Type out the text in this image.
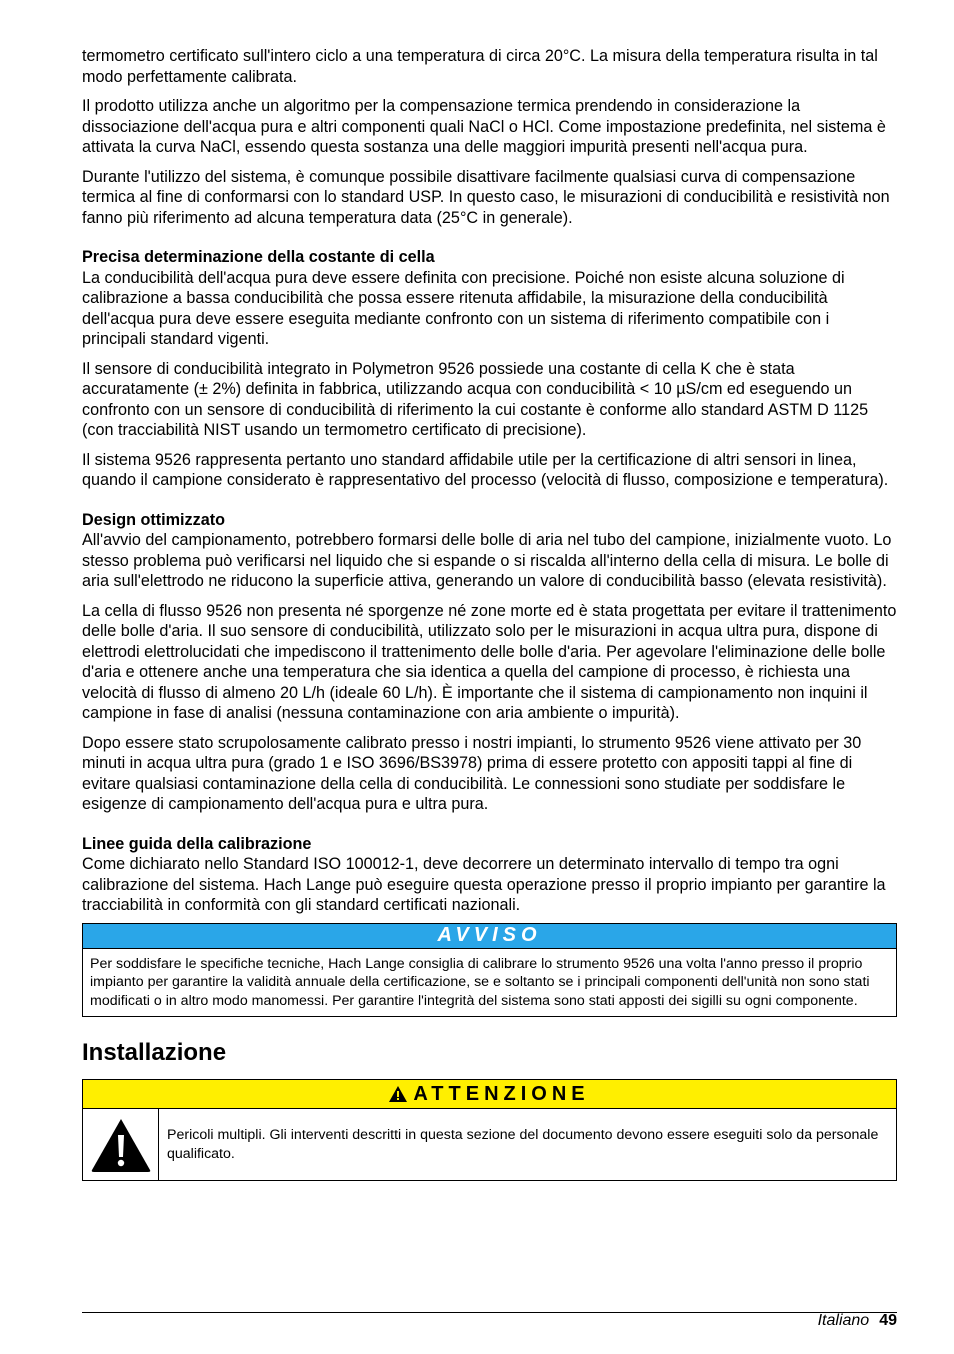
termometro certificato sull'intero ciclo a una temperatura di circa 20°C. La misura della temperatura risulta in tal modo perfettamente calibrata.

Il prodotto utilizza anche un algoritmo per la compensazione termica prendendo in considerazione la dissociazione dell'acqua pura e altri componenti quali NaCl o HCl. Come impostazione predefinita, nel sistema è attivata la curva NaCl, essendo questa sostanza una delle maggiori impurità presenti nell'acqua pura.

Durante l'utilizzo del sistema, è comunque possibile disattivare facilmente qualsiasi curva di compensazione termica al fine di conformarsi con lo standard USP. In questo caso, le misurazioni di conducibilità e resistività non fanno più riferimento ad alcuna temperatura data (25°C in generale).

Precisa determinazione della costante di cella

La conducibilità dell'acqua pura deve essere definita con precisione. Poiché non esiste alcuna soluzione di calibrazione a bassa conducibilità che possa essere ritenuta affidabile, la misurazione della conducibilità dell'acqua pura deve essere eseguita mediante confronto con un sistema di riferimento compatibile con i principali standard vigenti.

Il sensore di conducibilità integrato in Polymetron 9526 possiede una costante di cella K che è stata accuratamente (± 2%) definita in fabbrica, utilizzando acqua con conducibilità < 10 µS/cm ed eseguendo un confronto con un sensore di conducibilità di riferimento la cui costante è conforme allo standard ASTM D 1125 (con tracciabilità NIST usando un termometro certificato di precisione).

Il sistema 9526 rappresenta pertanto uno standard affidabile utile per la certificazione di altri sensori in linea, quando il campione considerato è rappresentativo del processo (velocità di flusso, composizione e temperatura).

Design ottimizzato

All'avvio del campionamento, potrebbero formarsi delle bolle di aria nel tubo del campione, inizialmente vuoto. Lo stesso problema può verificarsi nel liquido che si espande o si riscalda all'interno della cella di misura. Le bolle di aria sull'elettrodo ne riducono la superficie attiva, generando un valore di conducibilità basso (elevata resistività).

La cella di flusso 9526 non presenta né sporgenze né zone morte ed è stata progettata per evitare il trattenimento delle bolle d'aria. Il suo sensore di conducibilità, utilizzato solo per le misurazioni in acqua ultra pura, dispone di elettrodi elettrolucidati che impediscono il trattenimento delle bolle d'aria. Per agevolare l'eliminazione delle bolle d'aria e ottenere anche una temperatura che sia identica a quella del campione di processo, è richiesta una velocità di flusso di almeno 20 L/h (ideale 60 L/h). È importante che il sistema di campionamento non inquini il campione in fase di analisi (nessuna contaminazione con aria ambiente o impurità).

Dopo essere stato scrupolosamente calibrato presso i nostri impianti, lo strumento 9526 viene attivato per 30 minuti in acqua ultra pura (grado 1 e ISO 3696/BS3978) prima di essere protetto con appositi tappi al fine di evitare qualsiasi contaminazione della cella di conducibilità. Le connessioni sono studiate per soddisfare le esigenze di campionamento dell'acqua pura e ultra pura.

Linee guida della calibrazione

Come dichiarato nello Standard ISO 100012-1, deve decorrere un determinato intervallo di tempo tra ogni calibrazione del sistema. Hach Lange può eseguire questa operazione presso il proprio impianto per garantire la tracciabilità in conformità con gli standard certificati nazionali.

AVVISO
Per soddisfare le specifiche tecniche, Hach Lange consiglia di calibrare lo strumento 9526 una volta l'anno presso il proprio impianto per garantire la validità annuale della certificazione, se e soltanto se i principali componenti dell'unità non sono stati modificati o in altro modo manomessi. Per garantire l'integrità del sistema sono stati apposti dei sigilli su ogni componente.
Installazione
ATTENZIONE
Pericoli multipli. Gli interventi descritti in questa sezione del documento devono essere eseguiti solo da personale qualificato.
Italiano 49
